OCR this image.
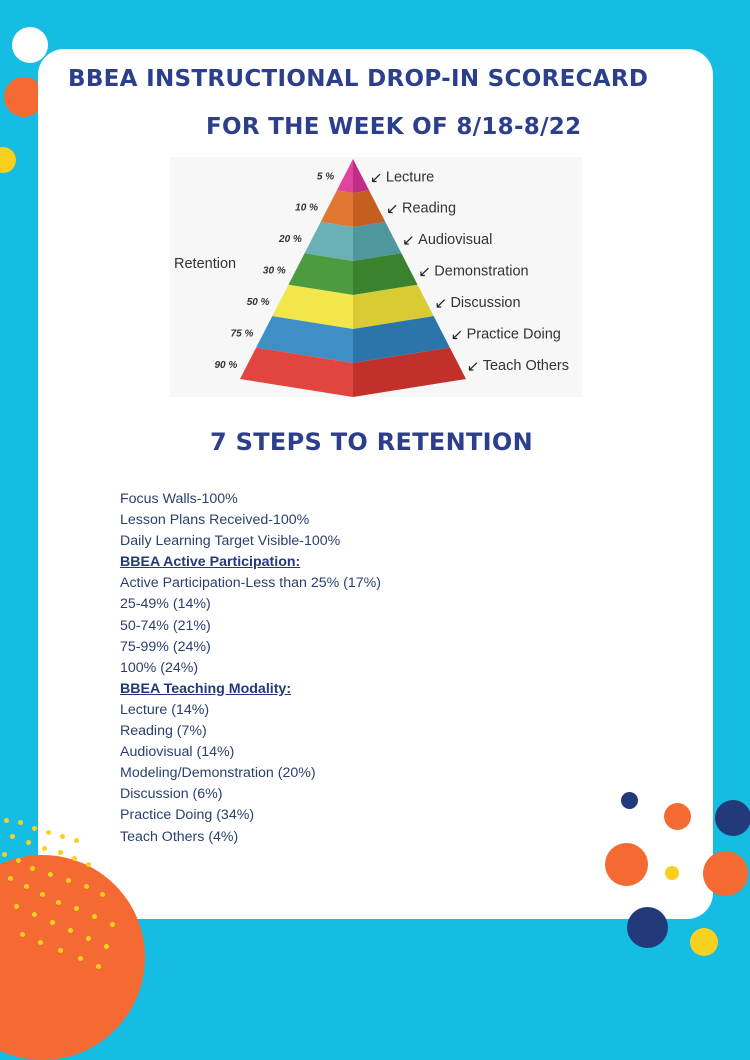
BBEA INSTRUCTIONAL DROP-IN SCORECARD
FOR THE WEEK OF 8/18-8/22
Retention
5 % ↙ Lecture
10 %	↙ Reading
20 %	↙ Audiovisual
30 %	↙ Demonstration
50 %	↙ Discussion
75 %	↙ Practice Doing
90 %	↙ Teach Others
7 STEPS TO RETENTION
Focus Walls-100%
Lesson Plans Received-100%
Daily Learning Target Visible-100%
BBEA Active Participation:
Active Participation-Less than 25% (17%)
25-49% (14%)
50-74% (21%)
75-99% (24%)
100% (24%)
BBEA Teaching Modality:
Lecture (14%)
Reading (7%)
Audiovisual (14%)
Modeling/Demonstration (20%)
Discussion (6%)
Practice Doing (34%)
Teach Others (4%)
